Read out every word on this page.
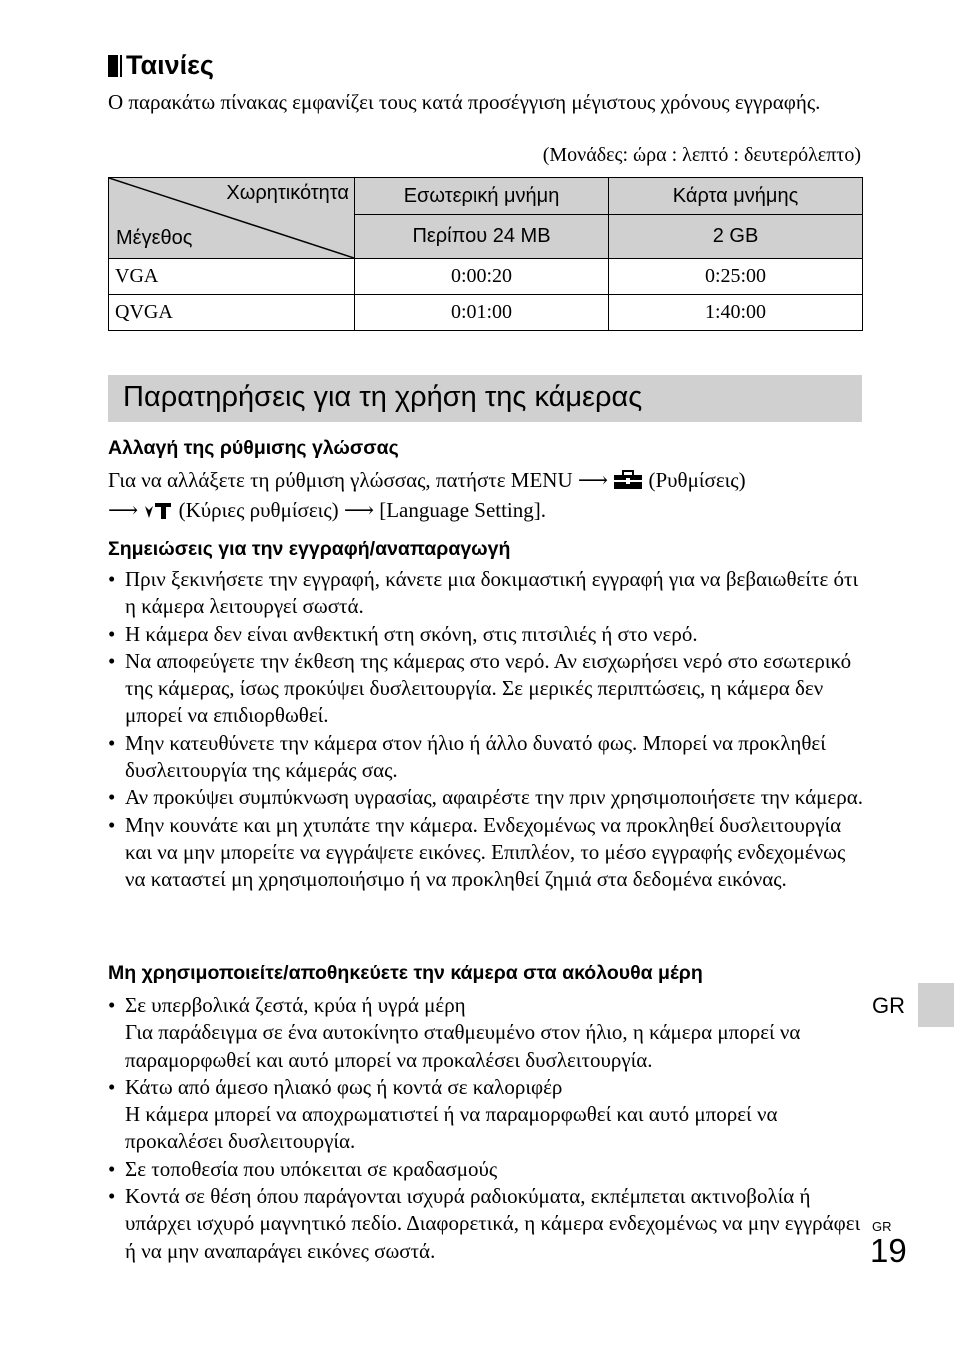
Ταινίες
Ο παρακάτω πίνακας εμφανίζει τους κατά προσέγγιση μέγιστους χρόνους εγγραφής.
(Μονάδες: ώρα : λεπτό : δευτερόλεπτο)
Χωρητικότητα
Μέγεθος	Εσωτερική μνήμη	Κάρτα μνήμης
	Περίπου 24 MB	2 GB
VGA	0:00:20	0:25:00
QVGA	0:01:00	1:40:00
Παρατηρήσεις για τη χρήση της κάμερας
Αλλαγή της ρύθμισης γλώσσας
Για να αλλάξετε τη ρύθμιση γλώσσας, πατήστε MENU ⟶ (Ρυθμίσεις)
⟶ (Κύριες ρυθμίσεις) ⟶ [Language Setting].
Σημειώσεις για την εγγραφή/αναπαραγωγή
• Πριν ξεκινήσετε την εγγραφή, κάνετε μια δοκιμαστική εγγραφή για να βεβαιωθείτε ότι η κάμερα λειτουργεί σωστά.
• Η κάμερα δεν είναι ανθεκτική στη σκόνη, στις πιτσιλιές ή στο νερό.
• Να αποφεύγετε την έκθεση της κάμερας στο νερό. Αν εισχωρήσει νερό στο εσωτερικό της κάμερας, ίσως προκύψει δυσλειτουργία. Σε μερικές περιπτώσεις, η κάμερα δεν μπορεί να επιδιορθωθεί.
• Μην κατευθύνετε την κάμερα στον ήλιο ή άλλο δυνατό φως. Μπορεί να προκληθεί δυσλειτουργία της κάμεράς σας.
• Αν προκύψει συμπύκνωση υγρασίας, αφαιρέστε την πριν χρησιμοποιήσετε την κάμερα.
• Μην κουνάτε και μη χτυπάτε την κάμερα. Ενδεχομένως να προκληθεί δυσλειτουργία και να μην μπορείτε να εγγράψετε εικόνες. Επιπλέον, το μέσο εγγραφής ενδεχομένως να καταστεί μη χρησιμοποιήσιμο ή να προκληθεί ζημιά στα δεδομένα εικόνας.
Μη χρησιμοποιείτε/αποθηκεύετε την κάμερα στα ακόλουθα μέρη
• Σε υπερβολικά ζεστά, κρύα ή υγρά μέρη
Για παράδειγμα σε ένα αυτοκίνητο σταθμευμένο στον ήλιο, η κάμερα μπορεί να παραμορφωθεί και αυτό μπορεί να προκαλέσει δυσλειτουργία.
• Κάτω από άμεσο ηλιακό φως ή κοντά σε καλοριφέρ
Η κάμερα μπορεί να αποχρωματιστεί ή να παραμορφωθεί και αυτό μπορεί να προκαλέσει δυσλειτουργία.
• Σε τοποθεσία που υπόκειται σε κραδασμούς
• Κοντά σε θέση όπου παράγονται ισχυρά ραδιοκύματα, εκπέμπεται ακτινοβολία ή υπάρχει ισχυρό μαγνητικό πεδίο. Διαφορετικά, η κάμερα ενδεχομένως να μην εγγράφει ή να μην αναπαράγει εικόνες σωστά.
GR
GR
19
